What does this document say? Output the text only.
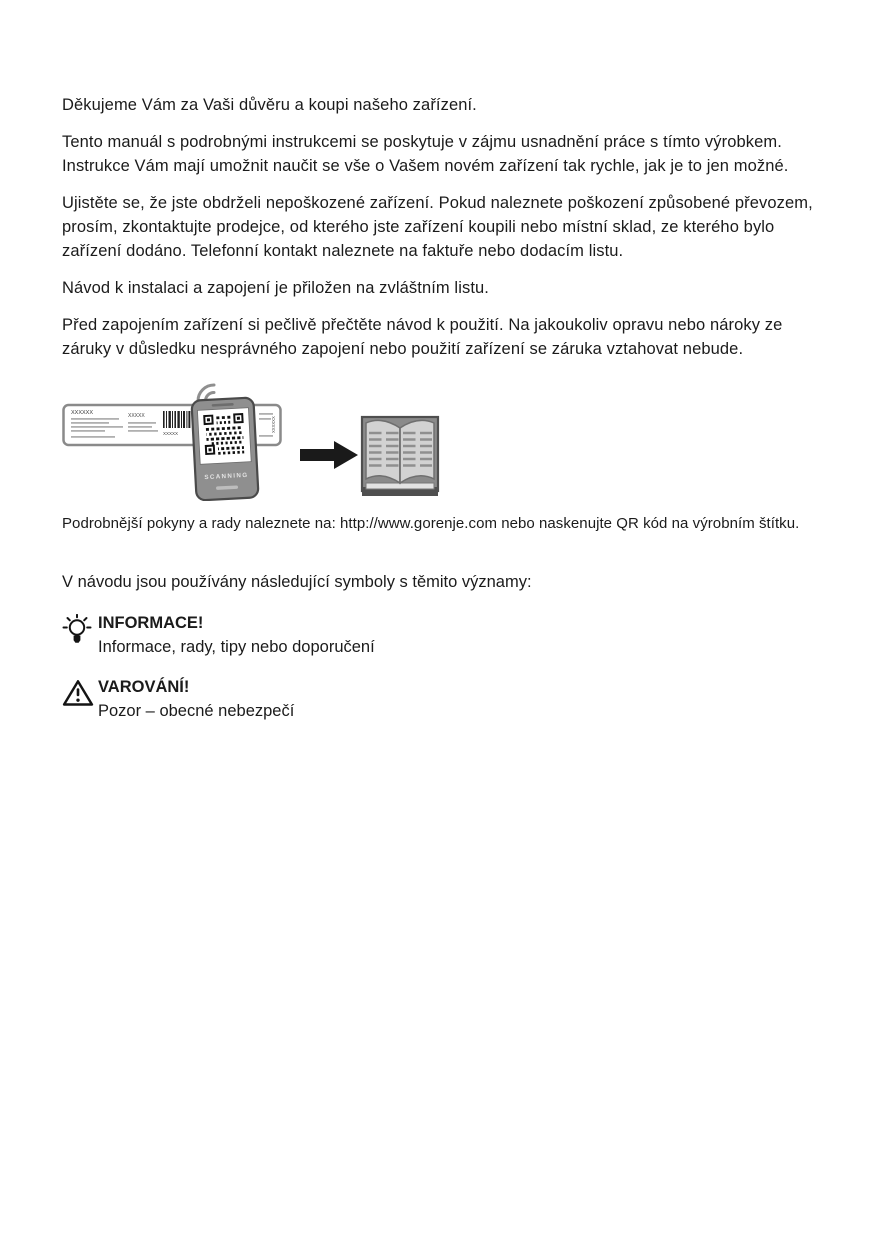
Děkujeme Vám za Vaši důvěru a koupi našeho zařízení.

Tento manuál s podrobnými instrukcemi se poskytuje v zájmu usnadnění práce s tímto výrobkem. Instrukce Vám mají umožnit naučit se vše o Vašem novém zařízení tak rychle, jak je to jen možné.

Ujistěte se, že jste obdrželi nepoškozené zařízení. Pokud naleznete poškození způsobené převozem, prosím, zkontaktujte prodejce, od kterého jste zařízení koupili nebo místní sklad, ze kterého bylo zařízení dodáno. Telefonní kontakt naleznete na faktuře nebo dodacím listu.

Návod k instalaci a zapojení je přiložen na zvláštním listu.

Před zapojením zařízení si pečlivě přečtěte návod k použití. Na jakoukoliv opravu nebo nároky ze záruky v důsledku nesprávného zapojení nebo použití zařízení se záruka vztahovat nebude.

XXXXXX	XXXXX
XXXXXX
XXXXX
SCANNING

Podrobnější pokyny a rady naleznete na: http://www.gorenje.com nebo naskenujte QR kód na výrobním štítku.

V návodu jsou používány následující symboly s těmito významy:

INFORMACE!
Informace, rady, tipy nebo doporučení
VAROVÁNÍ!
Pozor – obecné nebezpečí
